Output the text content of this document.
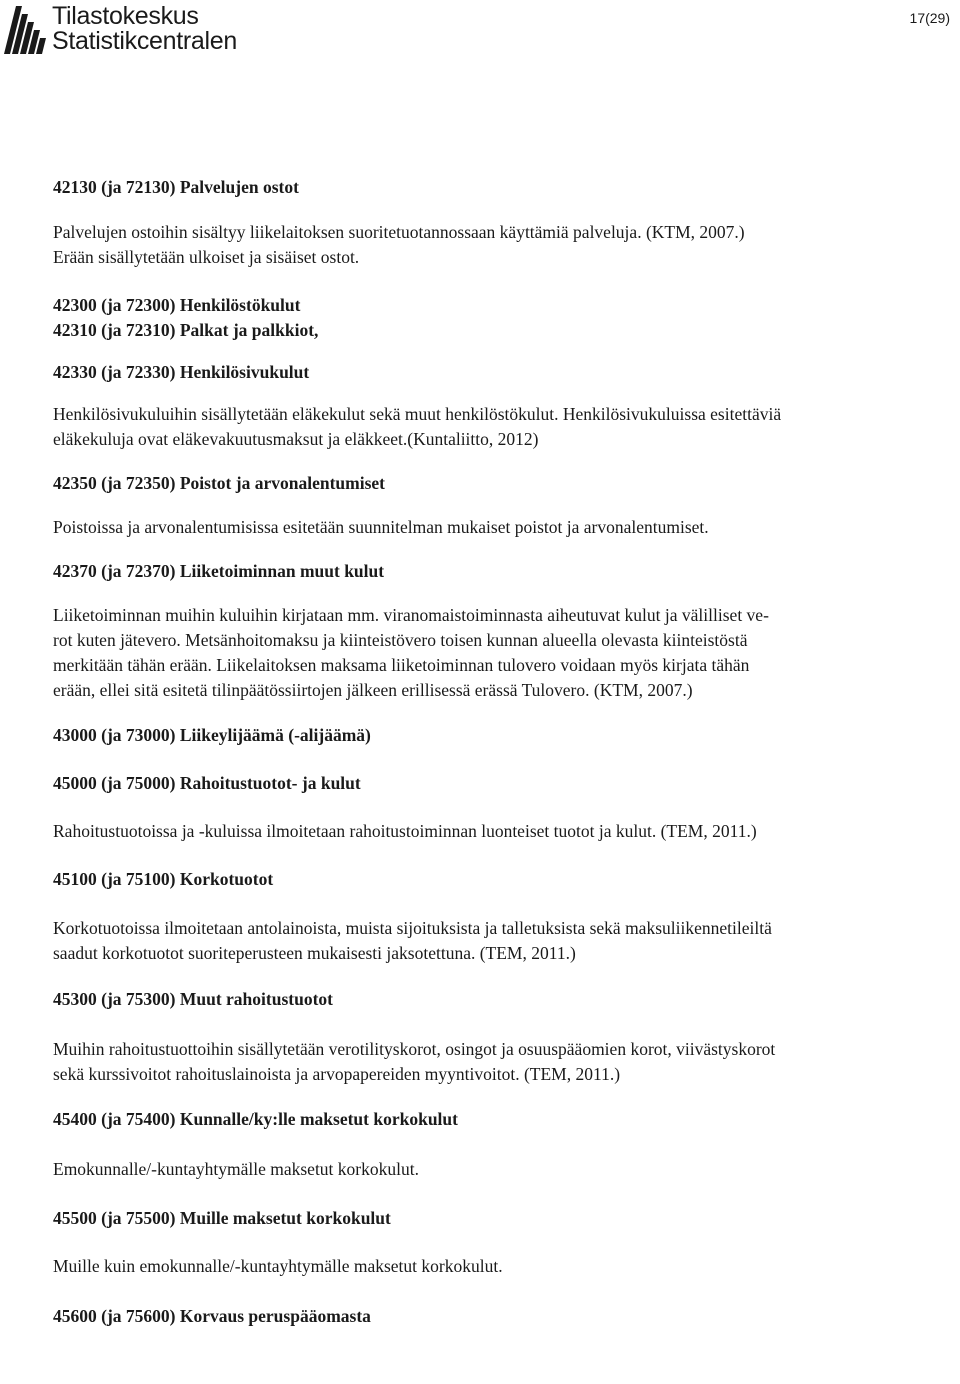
Tilastokeskus
Statistikcentralen
17(29)
42130 (ja 72130) Palvelujen ostot
Palvelujen ostoihin sisältyy liikelaitoksen suoritetuotannossaan käyttämiä palveluja. (KTM, 2007.)
Erään sisällytetään ulkoiset ja sisäiset ostot.
42300 (ja 72300) Henkilöstökulut
42310 (ja 72310) Palkat ja palkkiot,
42330 (ja 72330) Henkilösivukulut
Henkilösivukuluihin sisällytetään eläkekulut sekä muut henkilöstökulut. Henkilösivukuluissa esitettäviä
eläkekuluja ovat eläkevakuutusmaksut ja eläkkeet.(Kuntaliitto, 2012)
42350 (ja 72350) Poistot ja arvonalentumiset
Poistoissa ja arvonalentumisissa esitetään suunnitelman mukaiset poistot ja arvonalentumiset.
42370 (ja 72370) Liiketoiminnan muut kulut
Liiketoiminnan muihin kuluihin kirjataan mm. viranomaistoiminnasta aiheutuvat kulut ja välilliset ve-
rot kuten jätevero. Metsänhoitomaksu ja kiinteistövero toisen kunnan alueella olevasta kiinteistöstä
merkitään tähän erään. Liikelaitoksen maksama liiketoiminnan tulovero voidaan myös kirjata tähän
erään, ellei sitä esitetä tilinpäätössiirtojen jälkeen erillisessä erässä Tulovero. (KTM, 2007.)
43000 (ja 73000) Liikeylijäämä (-alijäämä)
45000 (ja 75000) Rahoitustuotot- ja kulut
Rahoitustuotoissa ja -kuluissa ilmoitetaan rahoitustoiminnan luonteiset tuotot ja kulut. (TEM, 2011.)
45100 (ja 75100) Korkotuotot
Korkotuotoissa ilmoitetaan antolainoista, muista sijoituksista ja talletuksista sekä maksuliikennetileiltä
saadut korkotuotot suoriteperusteen mukaisesti jaksotettuna. (TEM, 2011.)
45300 (ja 75300) Muut rahoitustuotot
Muihin rahoitustuottoihin sisällytetään verotilityskorot, osingot ja osuuspääomien korot, viivästyskorot
sekä kurssivoitot rahoituslainoista ja arvopapereiden myyntivoitot. (TEM, 2011.)
45400 (ja 75400) Kunnalle/ky:lle maksetut korkokulut
Emokunnalle/-kuntayhtymälle maksetut korkokulut.
45500 (ja 75500) Muille maksetut korkokulut
Muille kuin emokunnalle/-kuntayhtymälle maksetut korkokulut.
45600 (ja 75600) Korvaus peruspääomasta
